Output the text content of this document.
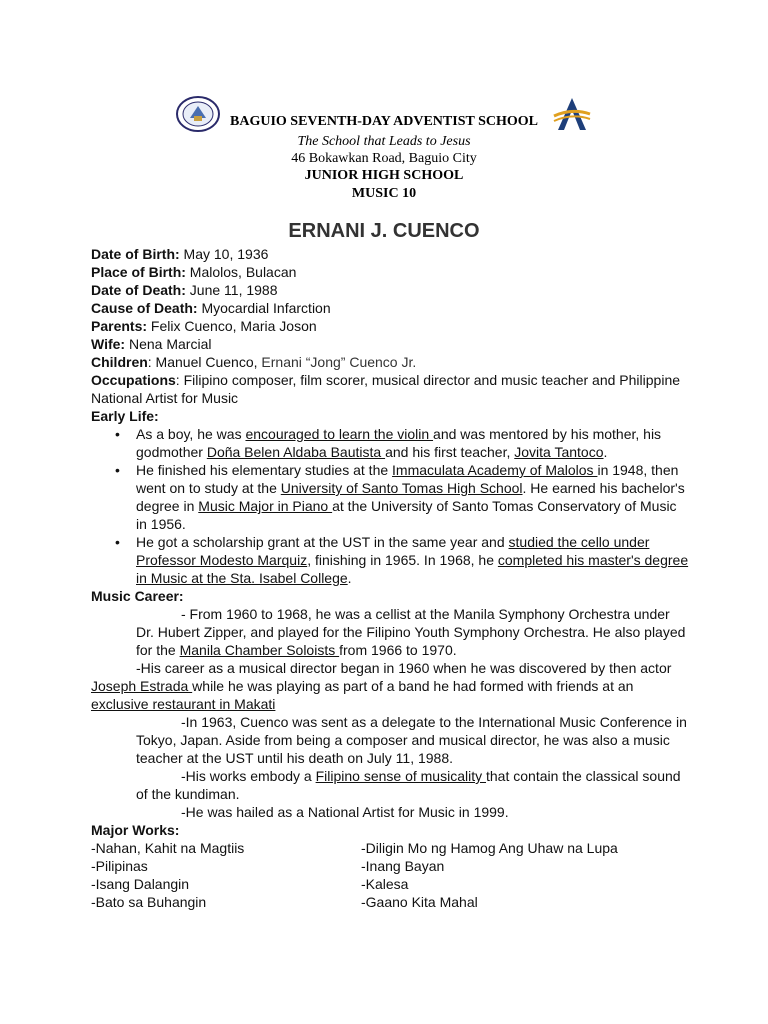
BAGUIO SEVENTH-DAY ADVENTIST SCHOOL
The School that Leads to Jesus
46 Bokawkan Road, Baguio City
JUNIOR HIGH SCHOOL
MUSIC 10
ERNANI J. CUENCO
Date of Birth: May 10, 1936
Place of Birth: Malolos, Bulacan
Date of Death: June 11, 1988
Cause of Death: Myocardial Infarction
Parents: Felix Cuenco, Maria Joson
Wife: Nena Marcial
Children: Manuel Cuenco, Ernani “Jong” Cuenco Jr.
Occupations: Filipino composer, film scorer, musical director and music teacher and Philippine National Artist for Music
Early Life:
• As a boy, he was encouraged to learn the violin and was mentored by his mother, his godmother Doña Belen Aldaba Bautista and his first teacher, Jovita Tantoco.
• He finished his elementary studies at the Immaculata Academy of Malolos in 1948, then went on to study at the University of Santo Tomas High School. He earned his bachelor's degree in Music Major in Piano at the University of Santo Tomas Conservatory of Music in 1956.
• He got a scholarship grant at the UST in the same year and studied the cello under Professor Modesto Marquiz, finishing in 1965. In 1968, he completed his master's degree in Music at the Sta. Isabel College.
Music Career:

- From 1960 to 1968, he was a cellist at the Manila Symphony Orchestra under Dr. Hubert Zipper, and played for the Filipino Youth Symphony Orchestra. He also played for the Manila Chamber Soloists from 1966 to 1970.

-His career as a musical director began in 1960 when he was discovered by then actor Joseph Estrada while he was playing as part of a band he had formed with friends at an exclusive restaurant in Makati

-In 1963, Cuenco was sent as a delegate to the International Music Conference in Tokyo, Japan. Aside from being a composer and musical director, he was also a music teacher at the UST until his death on July 11, 1988.

-His works embody a Filipino sense of musicality that contain the classical sound of the kundiman.

-He was hailed as a National Artist for Music in 1999.

Major Works:
-Nahan, Kahit na Magtiis
-Pilipinas
-Isang Dalangin
-Bato sa Buhangin
-Diligin Mo ng Hamog Ang Uhaw na Lupa
-Inang Bayan
-Kalesa
-Gaano Kita Mahal
